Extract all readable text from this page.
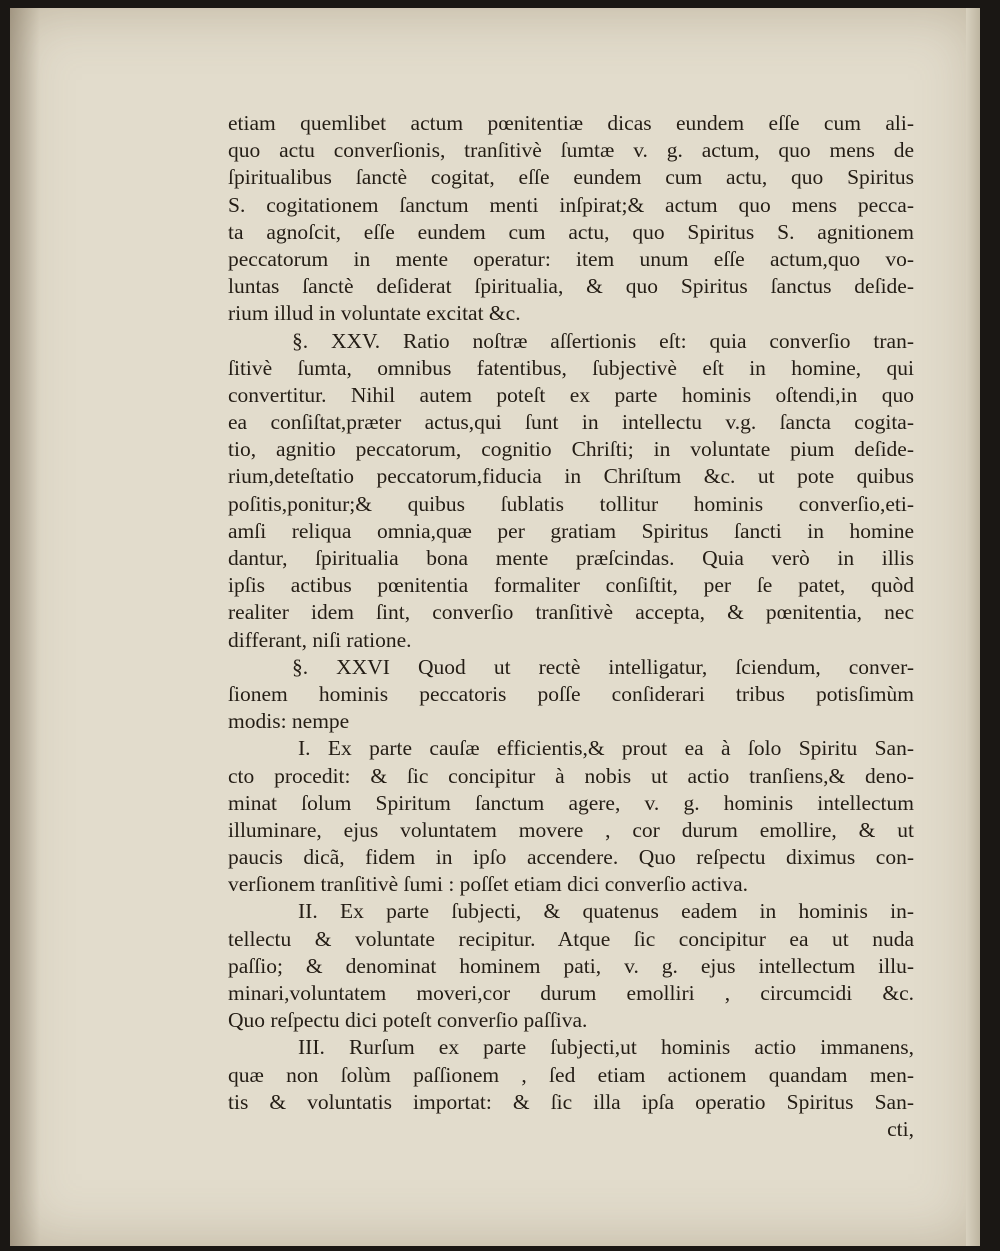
etiam quemlibet actum pœnitentiæ dicas eundem eſſe cum ali-
quo actu converſionis, tranſitivè ſumtæ v. g. actum, quo mens de
ſpiritualibus ſanctè cogitat, eſſe eundem cum actu, quo Spiritus
S. cogitationem ſanctum menti inſpirat;& actum quo mens pecca-
ta agnoſcit, eſſe eundem cum actu, quo Spiritus S. agnitionem
peccatorum in mente operatur: item unum eſſe actum,quo vo-
luntas ſanctè deſiderat ſpiritualia, & quo Spiritus ſanctus deſide-
rium illud in voluntate excitat &c.
§. XXV. Ratio noſtræ aſſertionis eſt: quia converſio tran-
ſitivè ſumta, omnibus fatentibus, ſubjectivè eſt in homine, qui
convertitur. Nihil autem poteſt ex parte hominis oſtendi,in quo
ea conſiſtat,præter actus,qui ſunt in intellectu v.g. ſancta cogita-
tio, agnitio peccatorum, cognitio Chriſti; in voluntate pium deſide-
rium,deteſtatio peccatorum,fiducia in Chriſtum &c. ut pote quibus
poſitis,ponitur;& quibus ſublatis tollitur hominis converſio,eti-
amſi reliqua omnia,quæ per gratiam Spiritus ſancti in homine
dantur, ſpiritualia bona mente præſcindas. Quia verò in illis
ipſis actibus pœnitentia formaliter conſiſtit, per ſe patet, quòd
realiter idem ſint, converſio tranſitivè accepta, & pœnitentia, nec
differant, niſi ratione.
§. XXVI Quod ut rectè intelligatur, ſciendum, conver-
ſionem hominis peccatoris poſſe conſiderari tribus potisſimùm
modis: nempe
I. Ex parte cauſæ efficientis,& prout ea à ſolo Spiritu San-
cto procedit: & ſic concipitur à nobis ut actio tranſiens,& deno-
minat ſolum Spiritum ſanctum agere, v. g. hominis intellectum
illuminare, ejus voluntatem movere , cor durum emollire, & ut
paucis dicã, fidem in ipſo accendere. Quo reſpectu diximus con-
verſionem tranſitivè ſumi : poſſet etiam dici converſio activa.
II. Ex parte ſubjecti, & quatenus eadem in hominis in-
tellectu & voluntate recipitur. Atque ſic concipitur ea ut nuda
paſſio; & denominat hominem pati, v. g. ejus intellectum illu-
minari,voluntatem moveri,cor durum emolliri , circumcidi &c.
Quo reſpectu dici poteſt converſio paſſiva.
III. Rurſum ex parte ſubjecti,ut hominis actio immanens,
quæ non ſolùm paſſionem , ſed etiam actionem quandam men-
tis & voluntatis importat: & ſic illa ipſa operatio Spiritus San-
cti,
